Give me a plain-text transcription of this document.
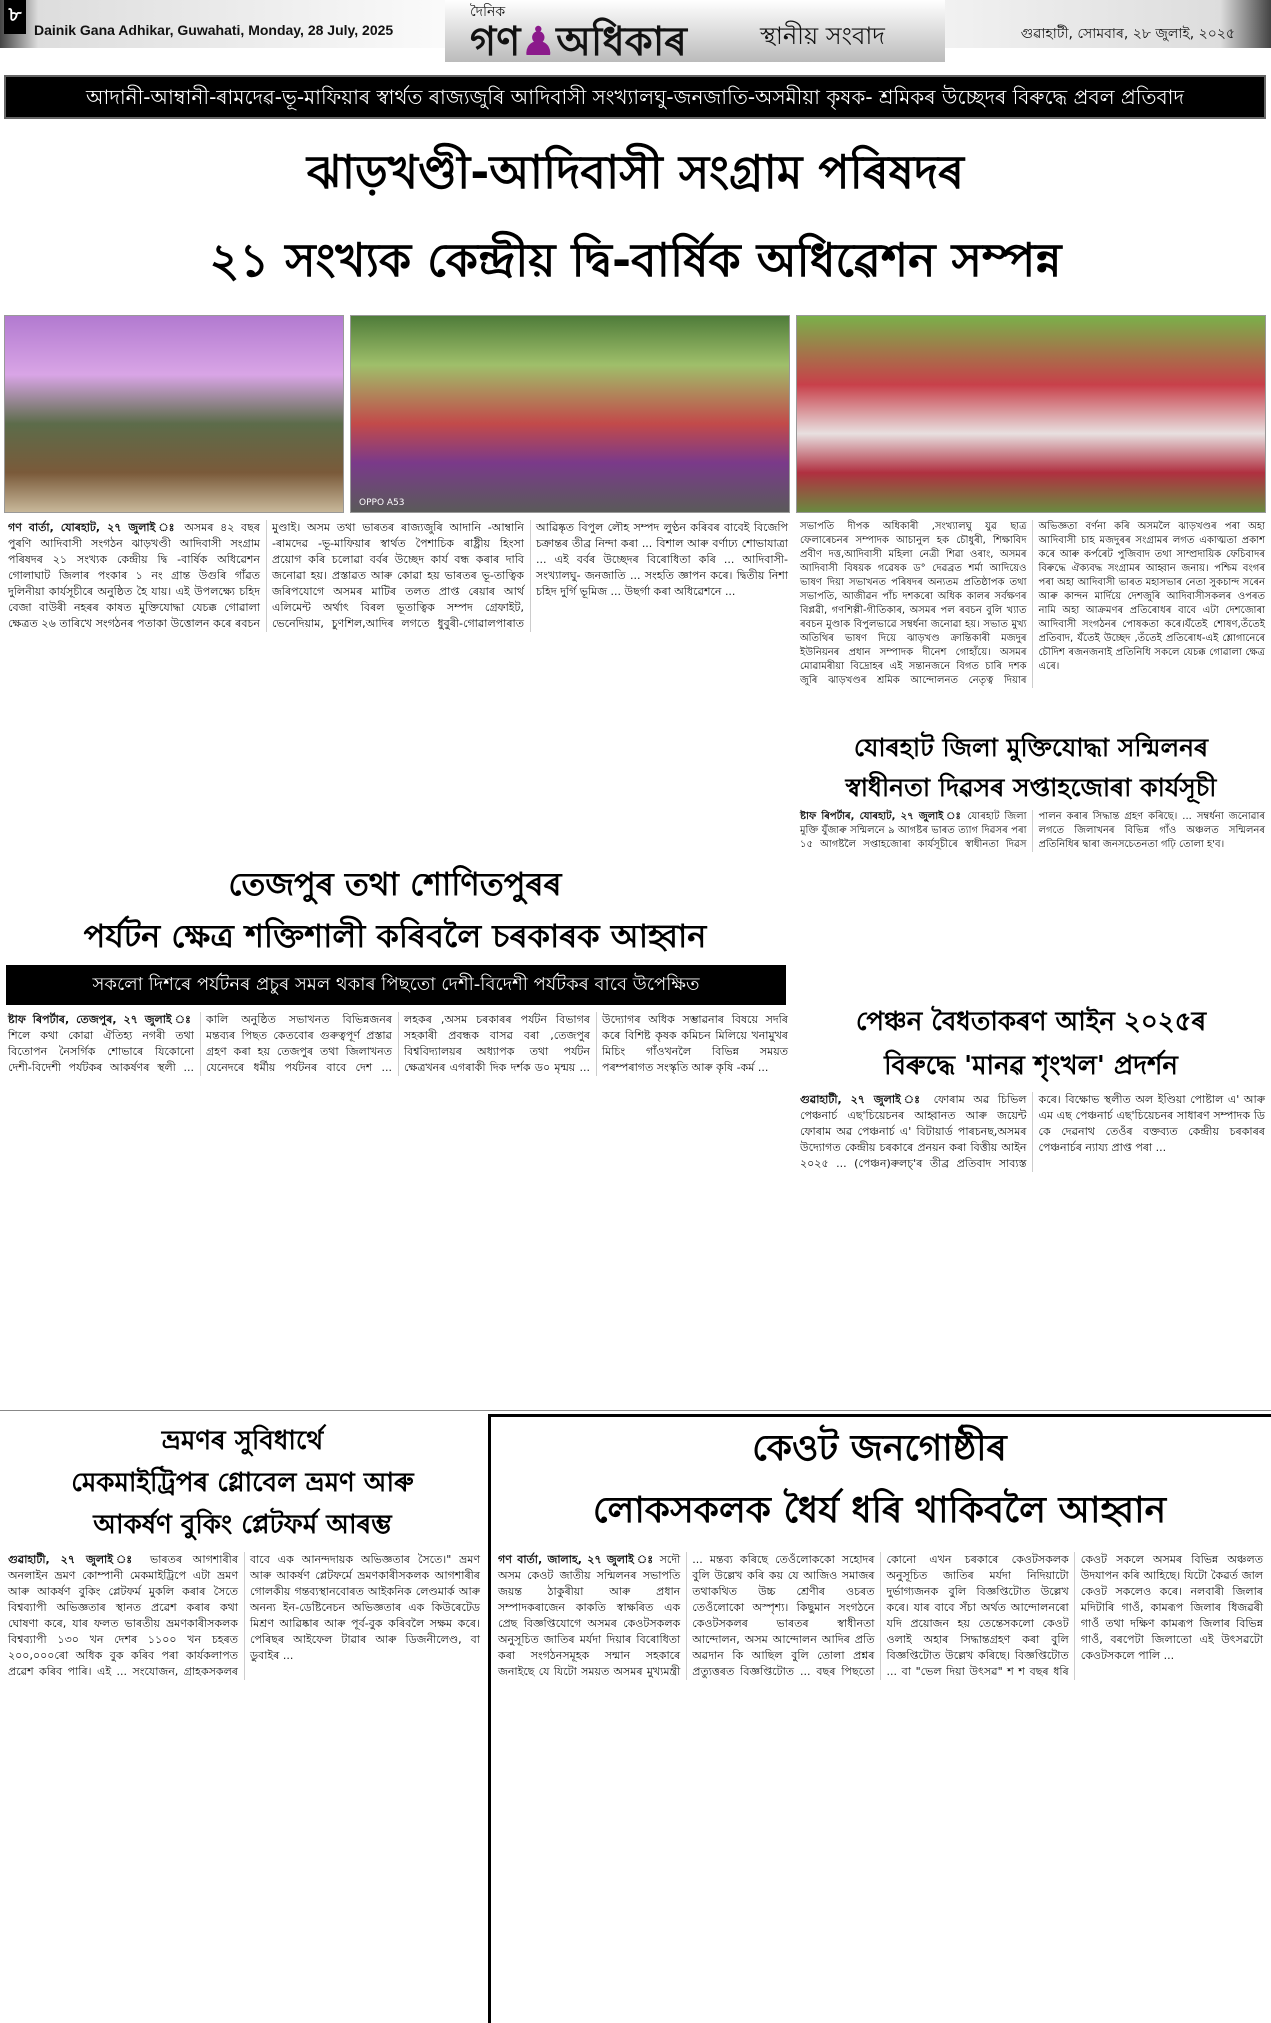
৮
Dainik Gana Adhikar, Guwahati, Monday, 28 July, 2025
দৈনিক
গণ♟অধিকাৰ	স্থানীয় সংবাদ	গুৱাহাটী, সোমবাৰ, ২৮ জুলাই, ২০২৫
আদানী-আম্বানী-ৰামদেৱ-ভূ-মাফিয়াৰ স্বাৰ্থত ৰাজ্যজুৰি আদিবাসী সংখ্যালঘু-জনজাতি-অসমীয়া কৃষক- শ্ৰমিকৰ উচ্ছেদৰ বিৰুদ্ধে প্ৰবল প্ৰতিবাদ
ঝাড়খণ্ডী-আদিবাসী সংগ্ৰাম পৰিষদৰ
২১ সংখ্যক কেন্দ্ৰীয় দ্বি-বাৰ্ষিক অধিৱেশন সম্পন্ন
OPPO A53
গণ বাৰ্তা, যোৰহাট, ২৭ জুলাই ঃ অসমৰ ৪২ বছৰ পুৰণি আদিবাসী সংগঠন ঝাড়খণ্ডী আদিবাসী সংগ্ৰাম পৰিষদৰ ২১ সংখ্যক কেন্দ্ৰীয় দ্বি -বাৰ্ষিক অধিৱেশন গোলাঘাট জিলাৰ পংকাৰ ১ নং গ্ৰান্ত উগুৰি গাঁৱত দুলিনীয়া কাৰ্যসূচীৰে অনুষ্ঠিত হৈ যায়। এই উপলক্ষ্যে চহিদ বেজা বাউৰী নহৰৰ কাষত মুক্তিযোদ্ধা যেচক্ক গোৱালা ক্ষেত্ৰত ২৬ তাৰিখে সংগঠনৰ পতাকা উত্তোলন কৰে ৰবচন মুণ্ডাই। অসম তথা ভাৰতৰ ৰাজ্যজুৰি আদানি -আম্বানি -ৰামদেৱ -ভূ-মাফিয়াৰ স্বাৰ্থত পৈশাচিক ৰাষ্ট্ৰীয় হিংসা প্ৰয়োগ কৰি চলোৱা বৰ্বৰ উচ্ছেদ কাৰ্য বন্ধ কৰাৰ দাবি জনোৱা হয়। প্ৰস্তাৱত আৰু কোৱা হয় ভাৰতৰ ভূ-তাত্বিক জৰিপযোগে অসমৰ মাটিৰ তলত প্ৰাপ্ত ৰেয়াৰ আৰ্থ এলিমেন্ট অৰ্থাৎ বিৰল ভূতাত্বিক সম্পদ গ্ৰেফাইট, ভেনেদিয়াম, চুণশিল,আদিৰ লগতে ধুবুৰী-গোৱালপাৰাত আৱিষ্কৃত বিপুল লৌহ সম্পদ লুণ্ঠন কৰিবৰ বাবেই বিজেপি চক্ৰান্তৰ তীব্ৰ নিন্দা কৰা ... বিশাল আৰু বৰ্ণাঢ্য শোভাযাত্ৰা ... এই বৰ্বৰ উচ্ছেদৰ বিৰোধিতা কৰি ... আদিবাসী-সংখ্যালঘু- জনজাতি ... সংহতি জ্ঞাপন কৰে। দ্বিতীয় নিশা চহিদ দুৰ্গি ভূমিজ ... উছৰ্গা কৰা অধিৱেশনে ...
সভাপতি দীপক অধিকাৰী ,সংখ্যালঘু যুৱ ছাত্ৰ ফেলাৰেচনৰ সম্পাদক আচানুল হক চৌধুৰী, শিক্ষাবিদ প্ৰবীণ দত্ত,আদিবাসী মহিলা নেত্ৰী শিৱা ওৰাং, অসমৰ আদিবাসী বিষয়ক গৱেষক ড° দেৱব্ৰত শৰ্মা আদিয়েও ভাষণ দিয়া সভাখনত পৰিষদৰ অন্যতম প্ৰতিষ্ঠাপক তথা সভাপতি, আজীৱন পাঁচ দশকৰো অধিক কালৰ সৰ্বক্ষণৰ বিপ্লৱী, গণশিল্পী-গীতিকাৰ, অসমৰ পল ৰবচন বুলি খ্যাত ৰবচন মুণ্ডাক বিপুলভাৱে সম্বৰ্ধনা জনোৱা হয়। সভাত মুখ্য অতিথিৰ ভাষণ দিয়ে ঝাড়খণ্ড ক্ৰান্তিকাৰী মজদুৰ ইউনিয়নৰ প্ৰধান সম্পাদক দীনেশ গোহাঁয়ে। অসমৰ মোৱামৰীয়া বিদ্ৰোহৰ এই সন্তানজনে বিগত চাৰি দশক জুৰি ঝাড়খণ্ডৰ শ্ৰমিক আন্দোলনত নেতৃত্ব দিয়াৰ অভিজ্ঞতা বৰ্ণনা কৰি অসমলৈ ঝাড়খণ্ডৰ পৰা অহা আদিবাসী চাহ মজদুৰৰ সংগ্ৰামৰ লগত একাত্মতা প্ৰকাশ কৰে আৰু কৰ্পৰেট পুজিবাদ তথা সাম্প্ৰদায়িক ফেচিবাদৰ বিৰুদ্ধে ঐক্যবদ্ধ সংগ্ৰামৰ আহ্বান জনায়। পশ্চিম বংগৰ পৰা অহা আদিবাসী ভাৰত মহাসভাৰ নেতা সুকচান্দ সৰেন আৰু কান্দন মাৰ্দিয়ে দেশজুৰি আদিবাসীসকলৰ ওপৰত নামি অহা আক্ৰমণৰ প্ৰতিৰোধৰ বাবে এটা দেশজোৰা আদিবাসী সংগঠনৰ পোষকতা কৰে।যঁতেই শোষণ,তঁতেই প্ৰতিবাদ, যঁতেই উচ্ছেদ ,তঁতেই প্ৰতিৰোধ-এই শ্লোগানেৰে চৌদিশ ৰজনজনাই প্ৰতিনিধি সকলে যেচক্ক গোৱালা ক্ষেত্ৰ এৰে।
যোৰহাট জিলা মুক্তিযোদ্ধা সন্মিলনৰ
স্বাধীনতা দিৱসৰ সপ্তাহজোৰা কাৰ্যসূচী
ষ্টাফ ৰিপৰ্টাৰ, যোৰহাট, ২৭ জুলাই ঃ যোৰহাট জিলা মুক্তি যুঁজাৰু সন্মিলনে ৯ আগষ্টৰ ভাৰত ত্যাগ দিৱসৰ পৰা ১৫ আগষ্টলৈ সপ্তাহজোৰা কাৰ্যসূচীৰে স্বাধীনতা দিৱস পালন কৰাৰ সিদ্ধান্ত গ্ৰহণ কৰিছে। ... সম্বৰ্ধনা জনোৱাৰ লগতে জিলাখনৰ বিভিন্ন গাঁও অঞ্চলত সন্মিলনৰ প্ৰতিনিধিৰ দ্বাৰা জনসচেতনতা গঢ়ি তোলা হ'ব।
তেজপুৰ তথা শোণিতপুৰৰ
পৰ্যটন ক্ষেত্ৰ শক্তিশালী কৰিবলৈ চৰকাৰক আহ্বান
সকলো দিশৰে পৰ্যটনৰ প্ৰচুৰ সমল থকাৰ পিছতো দেশী-বিদেশী পৰ্যটকৰ বাবে উপেক্ষিত
ষ্টাফ ৰিপৰ্টাৰ, তেজপুৰ, ২৭ জুলাই ঃ শিলে কথা কোৱা ঐতিহ্য নগৰী তথা বিতোপন নৈসৰ্গিক শোভাৰে যিকোনো দেশী-বিদেশী পৰ্যটকৰ আকৰ্ষণৰ স্থলী ... কালি অনুষ্ঠিত সভাখনত বিভিন্নজনৰ মন্তব্যৰ পিছত কেতবোৰ গুৰুত্বপূৰ্ণ প্ৰস্তাৱ গ্ৰহণ কৰা হয় তেজপুৰ তথা জিলাখনত যেনেদৰে ধৰ্মীয় পৰ্যটনৰ বাবে দেশ ... লহকৰ ,অসম চৰকাৰৰ পৰ্যটন বিভাগৰ সহকাৰী প্ৰবন্ধক বাসৱ বৰা ,তেজপুৰ বিশ্ববিদ্যালয়ৰ অধ্যাপক তথা পৰ্যটন ক্ষেত্ৰখনৰ এগৰাকী দিক দৰ্শক ড০ মৃন্ময় ... উদ্যোগৰ অধিক সম্ভাৱনাৰ বিষয়ে সদৰি কৰে বিশিষ্ট কৃষক কমিচন মিলিয়ে খনামুখৰ মিচিং গাঁওখনলৈ বিভিন্ন সময়ত পৰম্পৰাগত সংস্কৃতি আৰু কৃষি -কৰ্ম ...
পেঞ্চন বৈধতাকৰণ আইন ২০২৫ৰ
বিৰুদ্ধে 'মানৱ শৃংখল' প্ৰদৰ্শন
গুৱাহাটী, ২৭ জুলাই ঃ ফোৰাম অৱ চিভিল পেঞ্চনাৰ্চ এছ'চিয়েচনৰ আহ্বানত আৰু জয়েন্ট ফোৰাম অৱ পেঞ্চনাৰ্চ এ' বিটায়াৰ্ড পাৰচনছ,অসমৰ উদ্যোগত কেন্দ্ৰীয় চৰকাৰে প্ৰনয়ন কৰা বিত্তীয় আইন ২০২৫ ... (পেঞ্চন)ৰুলচ্'ৰ তীব্ৰ প্ৰতিবাদ সাব্যস্ত কৰে। বিক্ষোভ স্থলীত অল ইণ্ডিয়া পোষ্টাল এ' আৰু এম এছ পেঞ্চনাৰ্চ এছ'চিয়েচনৰ সাধাৰণ সম্পাদক ডি কে দেৱনাথ তেওঁৰ বক্তব্যত কেন্দ্ৰীয় চৰকাৰৰ পেঞ্চনাৰ্চৰ ন্যায্য প্ৰাপ্ত পৰা ...
ভ্ৰমণৰ সুবিধাৰ্থে
মেকমাইট্ৰিপৰ গ্লোবেল ভ্ৰমণ আৰু
আকৰ্ষণ বুকিং প্লেটফৰ্ম আৰম্ভ
গুৱাহাটী, ২৭ জুলাই ঃ ভাৰতৰ আগশাৰীৰ অনলাইন ভ্ৰমণ কোম্পানী মেকমাইট্ৰিপে এটা ভ্ৰমণ আৰু আকৰ্ষণ বুকিং প্লেটফৰ্ম মুকলি কৰাৰ সৈতে বিশ্বব্যাপী অভিজ্ঞতাৰ স্থানত প্ৰৱেশ কৰাৰ কথা ঘোষণা কৰে, যাৰ ফলত ভাৰতীয় ভ্ৰমণকাৰীসকলক বিশ্বব্যাপী ১৩০ খন দেশৰ ১১০০ খন চহৰত ২০০,০০০ৰো অধিক বুক কৰিব পৰা কাৰ্যকলাপত প্ৰৱেশ কৰিব পাৰি। এই ... সংযোজন, গ্ৰাহকসকলৰ বাবে এক আনন্দদায়ক অভিজ্ঞতাৰ সৈতে।" ভ্ৰমণ আৰু আকৰ্ষণ প্লেটফৰ্মে ভ্ৰমণকাৰীসকলক আগশাৰীৰ গোলকীয় গন্তব্যস্থানবোৰত আইকনিক লেণ্ডমাৰ্ক আৰু অনন্য ইন-ডেষ্টিনেচন অভিজ্ঞতাৰ এক কিউৰেটেড মিশ্ৰণ আৱিষ্কাৰ আৰু পূৰ্ব-বুক কৰিবলৈ সক্ষম কৰে। পেৰিছৰ আইফেল টাৱাৰ আৰু ডিজনীলেণ্ড, বা ডুবাইৰ ...
কেওট জনগোষ্ঠীৰ
লোকসকলক ধৈৰ্য ধৰি থাকিবলৈ আহ্বান
গণ বাৰ্তা, জালাহ, ২৭ জুলাই ঃ সদৌ অসম কেওট জাতীয় সন্মিলনৰ সভাপতি জয়ন্ত ঠাকুৰীয়া আৰু প্ৰধান সম্পাদকৰাজেন কাকতি স্বাক্ষৰিত এক প্ৰেছ বিজ্ঞপ্তিযোগে অসমৰ কেওটসকলক অনুসূচিত জাতিৰ মৰ্যদা দিয়াৰ বিৰোধিতা কৰা সংগঠনসমূহক সন্মান সহকাৰে জনাইছে যে যিটো সময়ত অসমৰ মুখ্যমন্ত্ৰী ... মন্তব্য কৰিছে তেওঁলোককো সহোদৰ বুলি উল্লেখ কৰি কয় যে আজিও সমাজৰ তথাকথিত উচ্চ শ্ৰেণীৰ ওচৰত তেওঁলোকো অস্পৃশ্য। কিছুমান সংগঠনে কেওটসকলৰ ভাৰতৰ স্বাধীনতা আন্দোলন, অসম আন্দোলন আদিৰ প্ৰতি অৱদান কি আছিল বুলি তোলা প্ৰশ্নৰ প্ৰত্যুত্তৰত বিজ্ঞপ্তিটোত ... বছৰ পিছতো কোনো এখন চৰকাৰে কেওটসকলক অনুসূচিত জাতিৰ মৰ্যদা নিদিয়াটো দুৰ্ভাগ্যজনক বুলি বিজ্ঞপ্তিটোত উল্লেখ কৰে। যাৰ বাবে সঁচা অৰ্থত আন্দোলনৰো যদি প্ৰয়োজন হয় তেন্তেসকলো কেওট ওলাই অহাৰ সিদ্ধান্তগ্ৰহণ কৰা বুলি বিজ্ঞপ্তিটোত উল্লেখ কৰিছে। বিজ্ঞপ্তিটোত ... বা "ভেল দিয়া উৎসৱ" শ শ বছৰ ধৰি কেওট সকলে অসমৰ বিভিন্ন অঞ্চলত উদযাপন কৰি আহিছে। যিটো কৈৱৰ্ত জাল কেওট সকলেও কৰে। নলবাৰী জিলাৰ মদিটাৰি গাওঁ, কামৰূপ জিলাৰ ধিজৱৰী গাওঁ তথা দক্ষিণ কামৰূপ জিলাৰ বিভিন্ন গাওঁ, বৰপেটা জিলাতো এই উৎসৱটো কেওটসকলে পালি ...
